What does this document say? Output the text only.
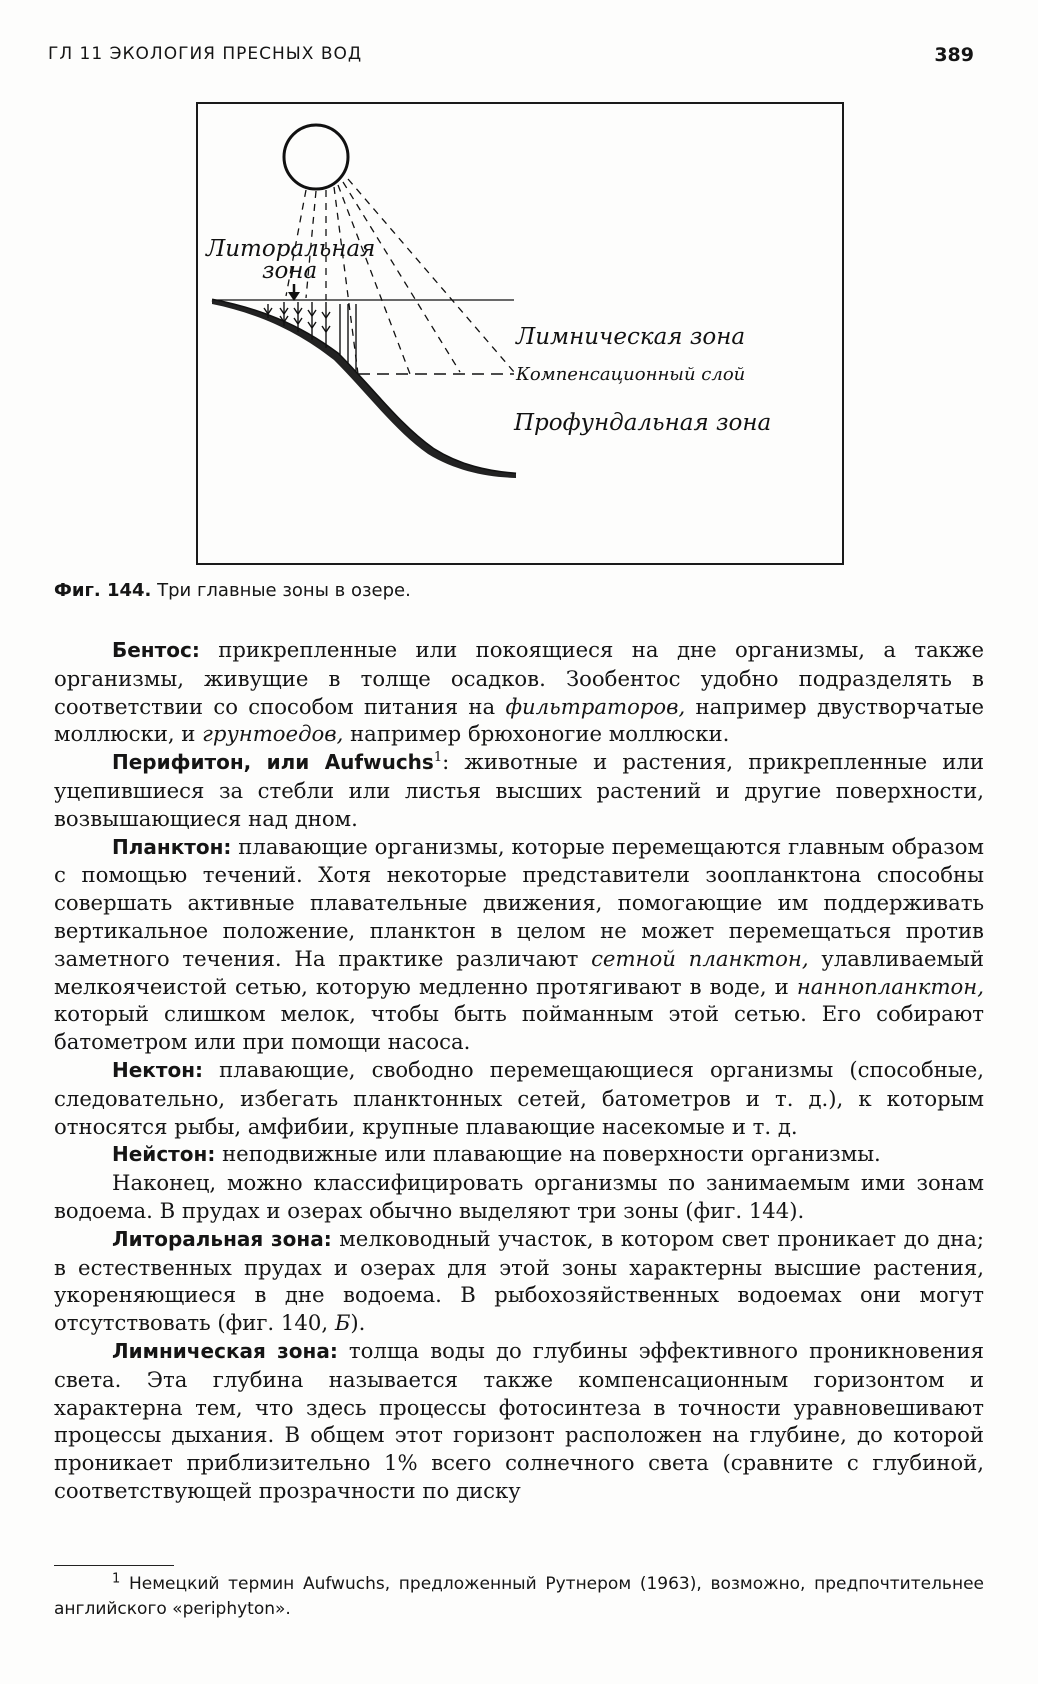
ГЛ 11 ЭКОЛОГИЯ ПРЕСНЫХ ВОД	389
Литоральная
зона
Лимническая зона
Компенсационный слой
Профундальная зона
Фиг. 144. Три главные зоны в озере.

Бентос: прикрепленные или покоящиеся на дне организмы, а также организмы, живущие в толще осадков. Зообентос удобно подразделять в соответствии со способом питания на фильтраторов, например двустворчатые моллюски, и грунтоедов, например брюхоногие моллюски.

Перифитон, или Aufwuchs$^1$: животные и растения, прикрепленные или уцепившиеся за стебли или листья высших растений и другие поверхности, возвышающиеся над дном.

Планктон: плавающие организмы, которые перемещаются главным образом с помощью течений. Хотя некоторые представители зоопланктона способны совершать активные плавательные движения, помогающие им поддерживать вертикальное положение, планктон в целом не может перемещаться против заметного течения. На практике различают сетной планктон, улавливаемый мелкоячеистой сетью, которую медленно протягивают в воде, и наннопланктон, который слишком мелок, чтобы быть пойманным этой сетью. Его собирают батометром или при помощи насоса.

Нектон: плавающие, свободно перемещающиеся организмы (способные, следовательно, избегать планктонных сетей, батометров и т. д.), к которым относятся рыбы, амфибии, крупные плавающие насекомые и т. д.

Нейстон: неподвижные или плавающие на поверхности организмы.

Наконец, можно классифицировать организмы по занимаемым ими зонам водоема. В прудах и озерах обычно выделяют три зоны (фиг. 144).

Литоральная зона: мелководный участок, в котором свет проникает до дна; в естественных прудах и озерах для этой зоны характерны высшие растения, укореняющиеся в дне водоема. В рыбохозяйственных водоемах они могут отсутствовать (фиг. 140, Б).

Лимническая зона: толща воды до глубины эффективного проникновения света. Эта глубина называется также компенсационным горизонтом и характерна тем, что здесь процессы фотосинтеза в точности уравновешивают процессы дыхания. В общем этот горизонт расположен на глубине, до которой проникает приблизительно 1% всего солнечного света (сравните с глубиной, соответствующей прозрачности по диску

$^1$ Немецкий термин Aufwuchs, предложенный Рутнером (1963), возможно, предпочтительнее английского «periphyton».
